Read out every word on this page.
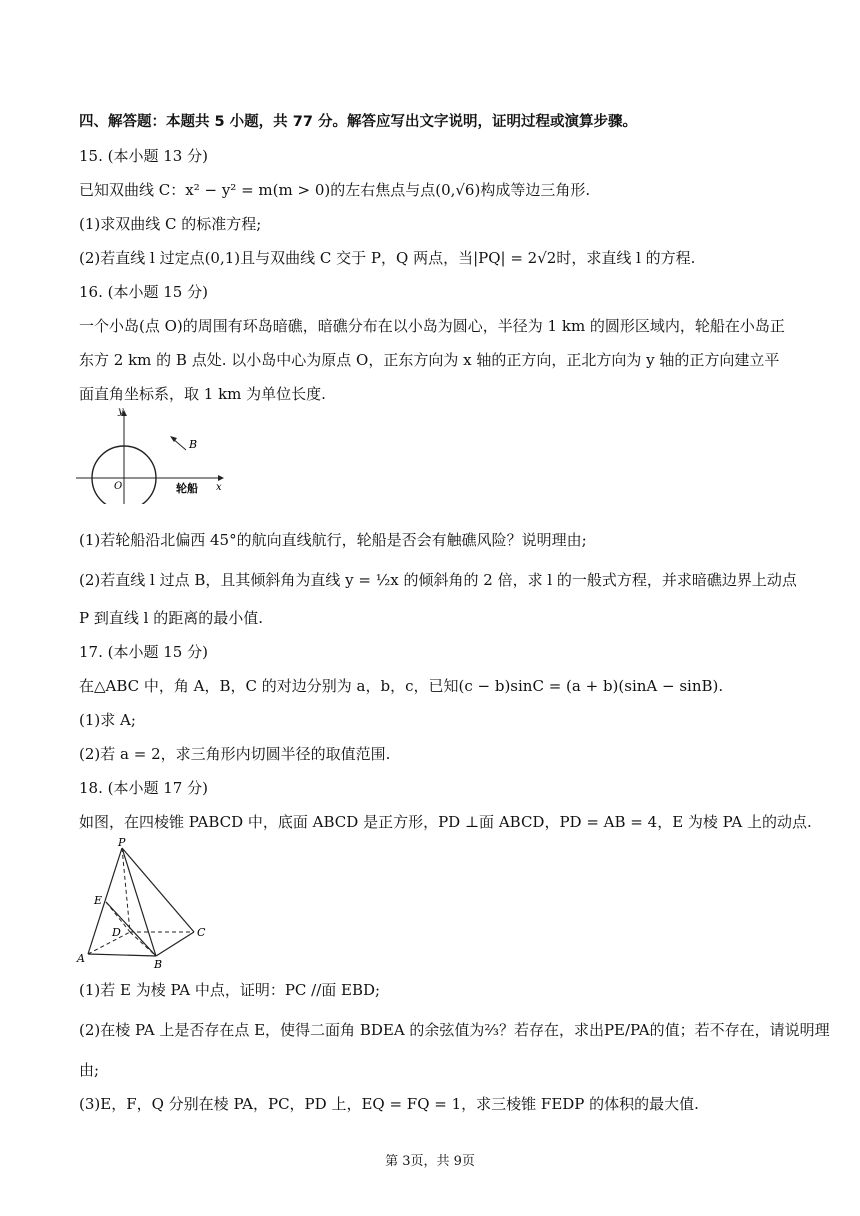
四、解答题：本题共 5 小题，共 77 分。解答应写出文字说明，证明过程或演算步骤。
15. (本小题 13 分)
已知双曲线 C：x² − y² = m(m > 0)的左右焦点与点(0,√6)构成等边三角形.
(1)求双曲线 C 的标准方程;
(2)若直线 l 过定点(0,1)且与双曲线 C 交于 P，Q 两点，当|PQ| = 2√2时，求直线 l 的方程.
16. (本小题 15 分)
一个小岛(点 O)的周围有环岛暗礁，暗礁分布在以小岛为圆心，半径为 1 km 的圆形区域内，轮船在小岛正
东方 2 km 的 B 点处. 以小岛中心为原点 O，正东方向为 x 轴的正方向，正北方向为 y 轴的正方向建立平
面直角坐标系，取 1 km 为单位长度.
y
x
O
B
轮船
(1)若轮船沿北偏西 45°的航向直线航行，轮船是否会有触礁风险？说明理由;
(2)若直线 l 过点 B，且其倾斜角为直线 y = ½x 的倾斜角的 2 倍，求 l 的一般式方程，并求暗礁边界上动点
P 到直线 l 的距离的最小值.
17. (本小题 15 分)
在△ABC 中，角 A，B，C 的对边分别为 a，b，c，已知(c − b)sinC = (a + b)(sinA − sinB).
(1)求 A;
(2)若 a = 2，求三角形内切圆半径的取值范围.
18. (本小题 17 分)
如图，在四棱锥 PABCD 中，底面 ABCD 是正方形，PD ⊥面 ABCD，PD = AB = 4，E 为棱 PA 上的动点.
P
E
D	C
A	B
(1)若 E 为棱 PA 中点，证明：PC //面 EBD;
(2)在棱 PA 上是否存在点 E，使得二面角 BDEA 的余弦值为⅔？若存在，求出PE/PA的值；若不存在，请说明理
由;
(3)E，F，Q 分别在棱 PA，PC，PD 上，EQ = FQ = 1，求三棱锥 FEDP 的体积的最大值.
第 3页，共 9页
